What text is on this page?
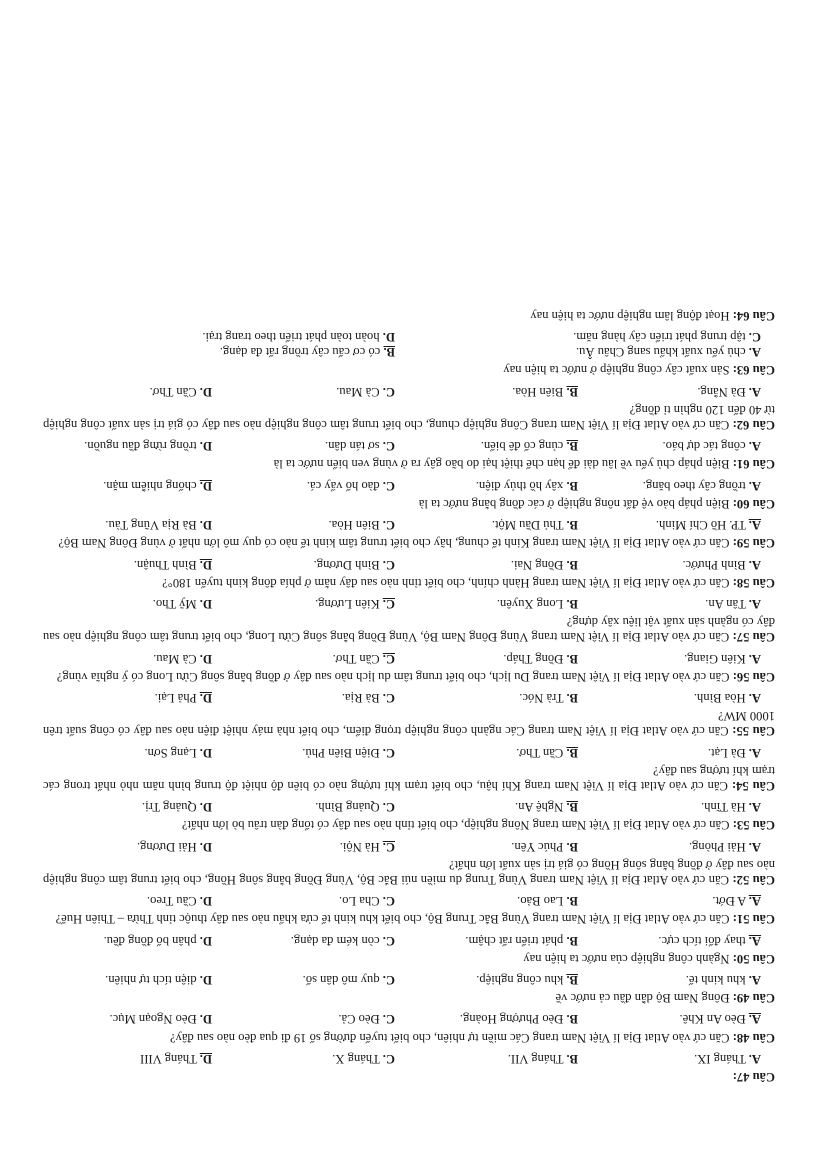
Câu 47:
A. Tháng IX.
B. Tháng VII.
C. Tháng X.
D. Tháng VIII
Câu 48: Căn cứ vào Atlat Địa lí Việt Nam trang Các miền tự nhiên, cho biết tuyến đường số 19 đi qua đèo nào sau đây?
A. Đèo An Khê.
B. Đèo Phượng Hoàng.
C. Đèo Cả.
D. Đèo Ngoạn Mục.
Câu 49: Đông Nam Bộ dẫn đầu cả nước về
A. khu kinh tế.
B. khu công nghiệp.
C. quy mô dân số.
D. diện tích tự nhiên.
Câu 50: Ngành công nghiệp của nước ta hiện nay
A. thay đổi tích cực.
B. phát triển rất chậm.
C. còn kém đa dạng.
D. phân bố đồng đều.
Câu 51: Căn cứ vào Atlat Địa lí Việt Nam trang Vùng Bắc Trung Bộ, cho biết khu kinh tế cửa khẩu nào sau đây thuộc tỉnh Thừa – Thiên Huế?
A. A Đớt.
B. Lao Bảo.
C. Cha Lo.
D. Cầu Treo.
Câu 52: Căn cứ vào Atlat Địa lí Việt Nam trang Vùng Trung du miền núi Bắc Bộ, Vùng Đồng bằng sông Hồng, cho biết trung tâm công nghiệp nào sau đây ở đồng bằng sông Hồng có giá trị sản xuất lớn nhất?
A. Hải Phòng.
B. Phúc Yên.
C. Hà Nội.
D. Hải Dương.
Câu 53: Căn cứ vào Atlat Địa lí Việt Nam trang Nông nghiệp, cho biết tỉnh nào sau đây có tổng đàn trâu bò lớn nhất?
A. Hà Tĩnh.
B. Nghệ An.
C. Quảng Bình.
D. Quảng Trị.
Câu 54: Căn cứ vào Atlat Địa lí Việt Nam trang Khí hậu, cho biết trạm khí tượng nào có biên độ nhiệt độ trung bình năm nhỏ nhất trong các trạm khí tượng sau đây?
A. Đà Lạt.
B. Cần Thơ.
C. Điện Biên Phủ.
D. Lạng Sơn.
Câu 55: Căn cứ vào Atlat Địa lí Việt Nam trang Các ngành công nghiệp trọng điểm, cho biết nhà máy nhiệt điện nào sau đây có công suất trên 1000 MW?
A. Hòa Bình.
B. Trà Nóc.
C. Bà Rịa.
D. Phả Lại.
Câu 56: Căn cứ vào Atlat Địa lí Việt Nam trang Du lịch, cho biết trung tâm du lịch nào sau đây ở đồng bằng sông Cửu Long có ý nghĩa vùng?
A. Kiên Giang.
B. Đồng Tháp.
C. Cần Thơ.
D. Cà Mau.
Câu 57: Căn cứ vào Atlat Địa lí Việt Nam trang Vùng Đông Nam Bộ, Vùng Đồng bằng sông Cửu Long, cho biết trung tâm công nghiệp nào sau đây có ngành sản xuất vật liệu xây dựng?
A. Tân An.
B. Long Xuyên.
C. Kiên Lương.
D. Mỹ Tho.
Câu 58: Căn cứ vào Atlat Địa lí Việt Nam trang Hành chính, cho biết tỉnh nào sau đây nằm ở phía đông kinh tuyến 180°?
A. Bình Phước.
B. Đồng Nai.
C. Bình Dương.
D. Bình Thuận.
Câu 59: Căn cứ vào Atlat Địa lí Việt Nam trang Kinh tế chung, hãy cho biết trung tâm kinh tế nào có quy mô lớn nhất ở vùng Đông Nam Bộ?
A. TP. Hồ Chí Minh.
B. Thủ Dầu Một.
C. Biên Hòa.
D. Bà Rịa Vũng Tàu.
Câu 60: Biện pháp bảo vệ đất nông nghiệp ở các đồng bằng nước ta là
A. trồng cây theo băng.
B. xây hồ thủy điện.
C. đào hố vẩy cá.
D. chống nhiễm mặn.
Câu 61: Biện pháp chủ yếu về lâu dài để hạn chế thiệt hại do bão gây ra ở vùng ven biển nước ta là
A. công tác dự báo.
B. củng cố đê biển.
C. sơ tán dân.
D. trồng rừng đầu nguồn.
Câu 62: Căn cứ vào Atlat Địa lí Việt Nam trang Công nghiệp chung, cho biết trung tâm công nghiệp nào sau đây có giá trị sản xuất công nghiệp từ 40 đến 120 nghìn tỉ đồng?
A. Đà Nẵng.
B. Biên Hòa.
C. Cà Mau.
D. Cần Thơ.
Câu 63: Sản xuất cây công nghiệp ở nước ta hiện nay
A. chủ yếu xuất khẩu sang Châu Âu.
B. có cơ cấu cây trồng rất đa dạng.
C. tập trung phát triển cây hàng năm.
D. hoàn toàn phát triển theo trang trại.
Câu 64: Hoạt động lâm nghiệp nước ta hiện nay
